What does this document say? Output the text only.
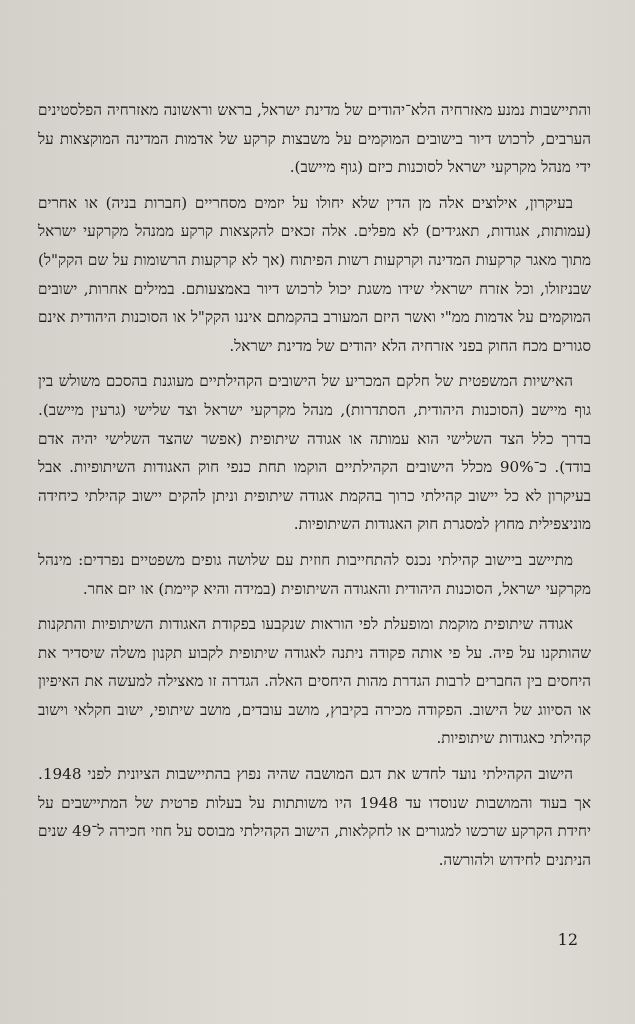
והתיישבות נמנע מאזרחיה הלא־יהודים של מדינת ישראל, בראש וראשונה מאזרחיה הפלסטינים הערבים, לרכוש דיור בישובים המוקמים על משבצות קרקע של אדמות המדינה המוקצאות על ידי מנהל מקרקעי ישראל לסוכנות כיזם (גוף מיישב).

בעיקרון, אילוצים אלה מן הדין שלא יחולו על יזמים מסחריים (חברות בניה) או אחרים (עמותות, אגודות, תאגידים) לא מפלים. אלה זכאים להקצאות קרקע ממנהל מקרקעי ישראל מתוך מאגר קרקעות המדינה וקרקעות רשות הפיתוח (אך לא קרקעות הרשומות על שם הקק"ל) שבניזולו, וכל אזרח ישראלי שידו משגת יכול לרכוש דיור באמצעותם. במילים אחרות, ישובים המוקמים על אדמות ממ"י ואשר היזם המעורב בהקמתם איננו הקק"ל או הסוכנות היהודית אינם סגורים מכח החוק בפני אזרחיה הלא יהודים של מדינת ישראל.

האישיות המשפטית של חלקם המכריע של הישובים הקהילתיים מעוגנת בהסכם משולש בין גוף מיישב (הסוכנות היהודית, הסתדרות), מנהל מקרקעי ישראל וצד שלישי (גרעין מיישב). בדרך כלל הצד השלישי הוא עמותה או אגודה שיתופית (אפשר שהצד השלישי יהיה אדם בודד). כ־90% מכלל הישובים הקהילתיים הוקמו תחת כנפי חוק האגודות השיתופיות. אבל בעיקרון לא כל יישוב קהילתי כרוך בהקמת אגודה שיתופית וניתן להקים יישוב קהילתי כיחידה מוניצפילית מחוץ למסגרת חוק האגודות השיתופיות.

מתיישב ביישוב קהילתי נכנס להתחייבות חוזית עם שלושה גופים משפטיים נפרדים: מינהל מקרקעי ישראל, הסוכנות היהודית והאגודה השיתופית (במידה והיא קיימת) או יזם אחר.

אגודה שיתופית מוקמת ומופעלת לפי הוראות שנקבעו בפקודת האגודות השיתופיות והתקנות שהותקנו על פיה. על פי אותה פקודה ניתנה לאגודה שיתופית לקבוע תקנון משלה שיסדיר את היחסים בין החברים לרבות הגדרת מהות היחסים האלה. הגדרה זו מאצילה למעשה את האיפיון או הסיווג של הישוב. הפקודה מכירה בקיבוץ, מושב עובדים, מושב שיתופי, ישוב חקלאי וישוב קהילתי כאגודות שיתופיות.

הישוב הקהילתי נועד לחדש את דגם המושבה שהיה נפוץ בהתיישבות הציונית לפני 1948. אך בעוד והמושבות שנוסדו עד 1948 היו משותתות על בעלות פרטית של המתיישבים על יחידת הקרקע שרכשו למגורים או לחקלאות, הישוב הקהילתי מבוסס על חוזי חכירה ל־49 שנים הניתנים לחידוש ולהורשה.

12
